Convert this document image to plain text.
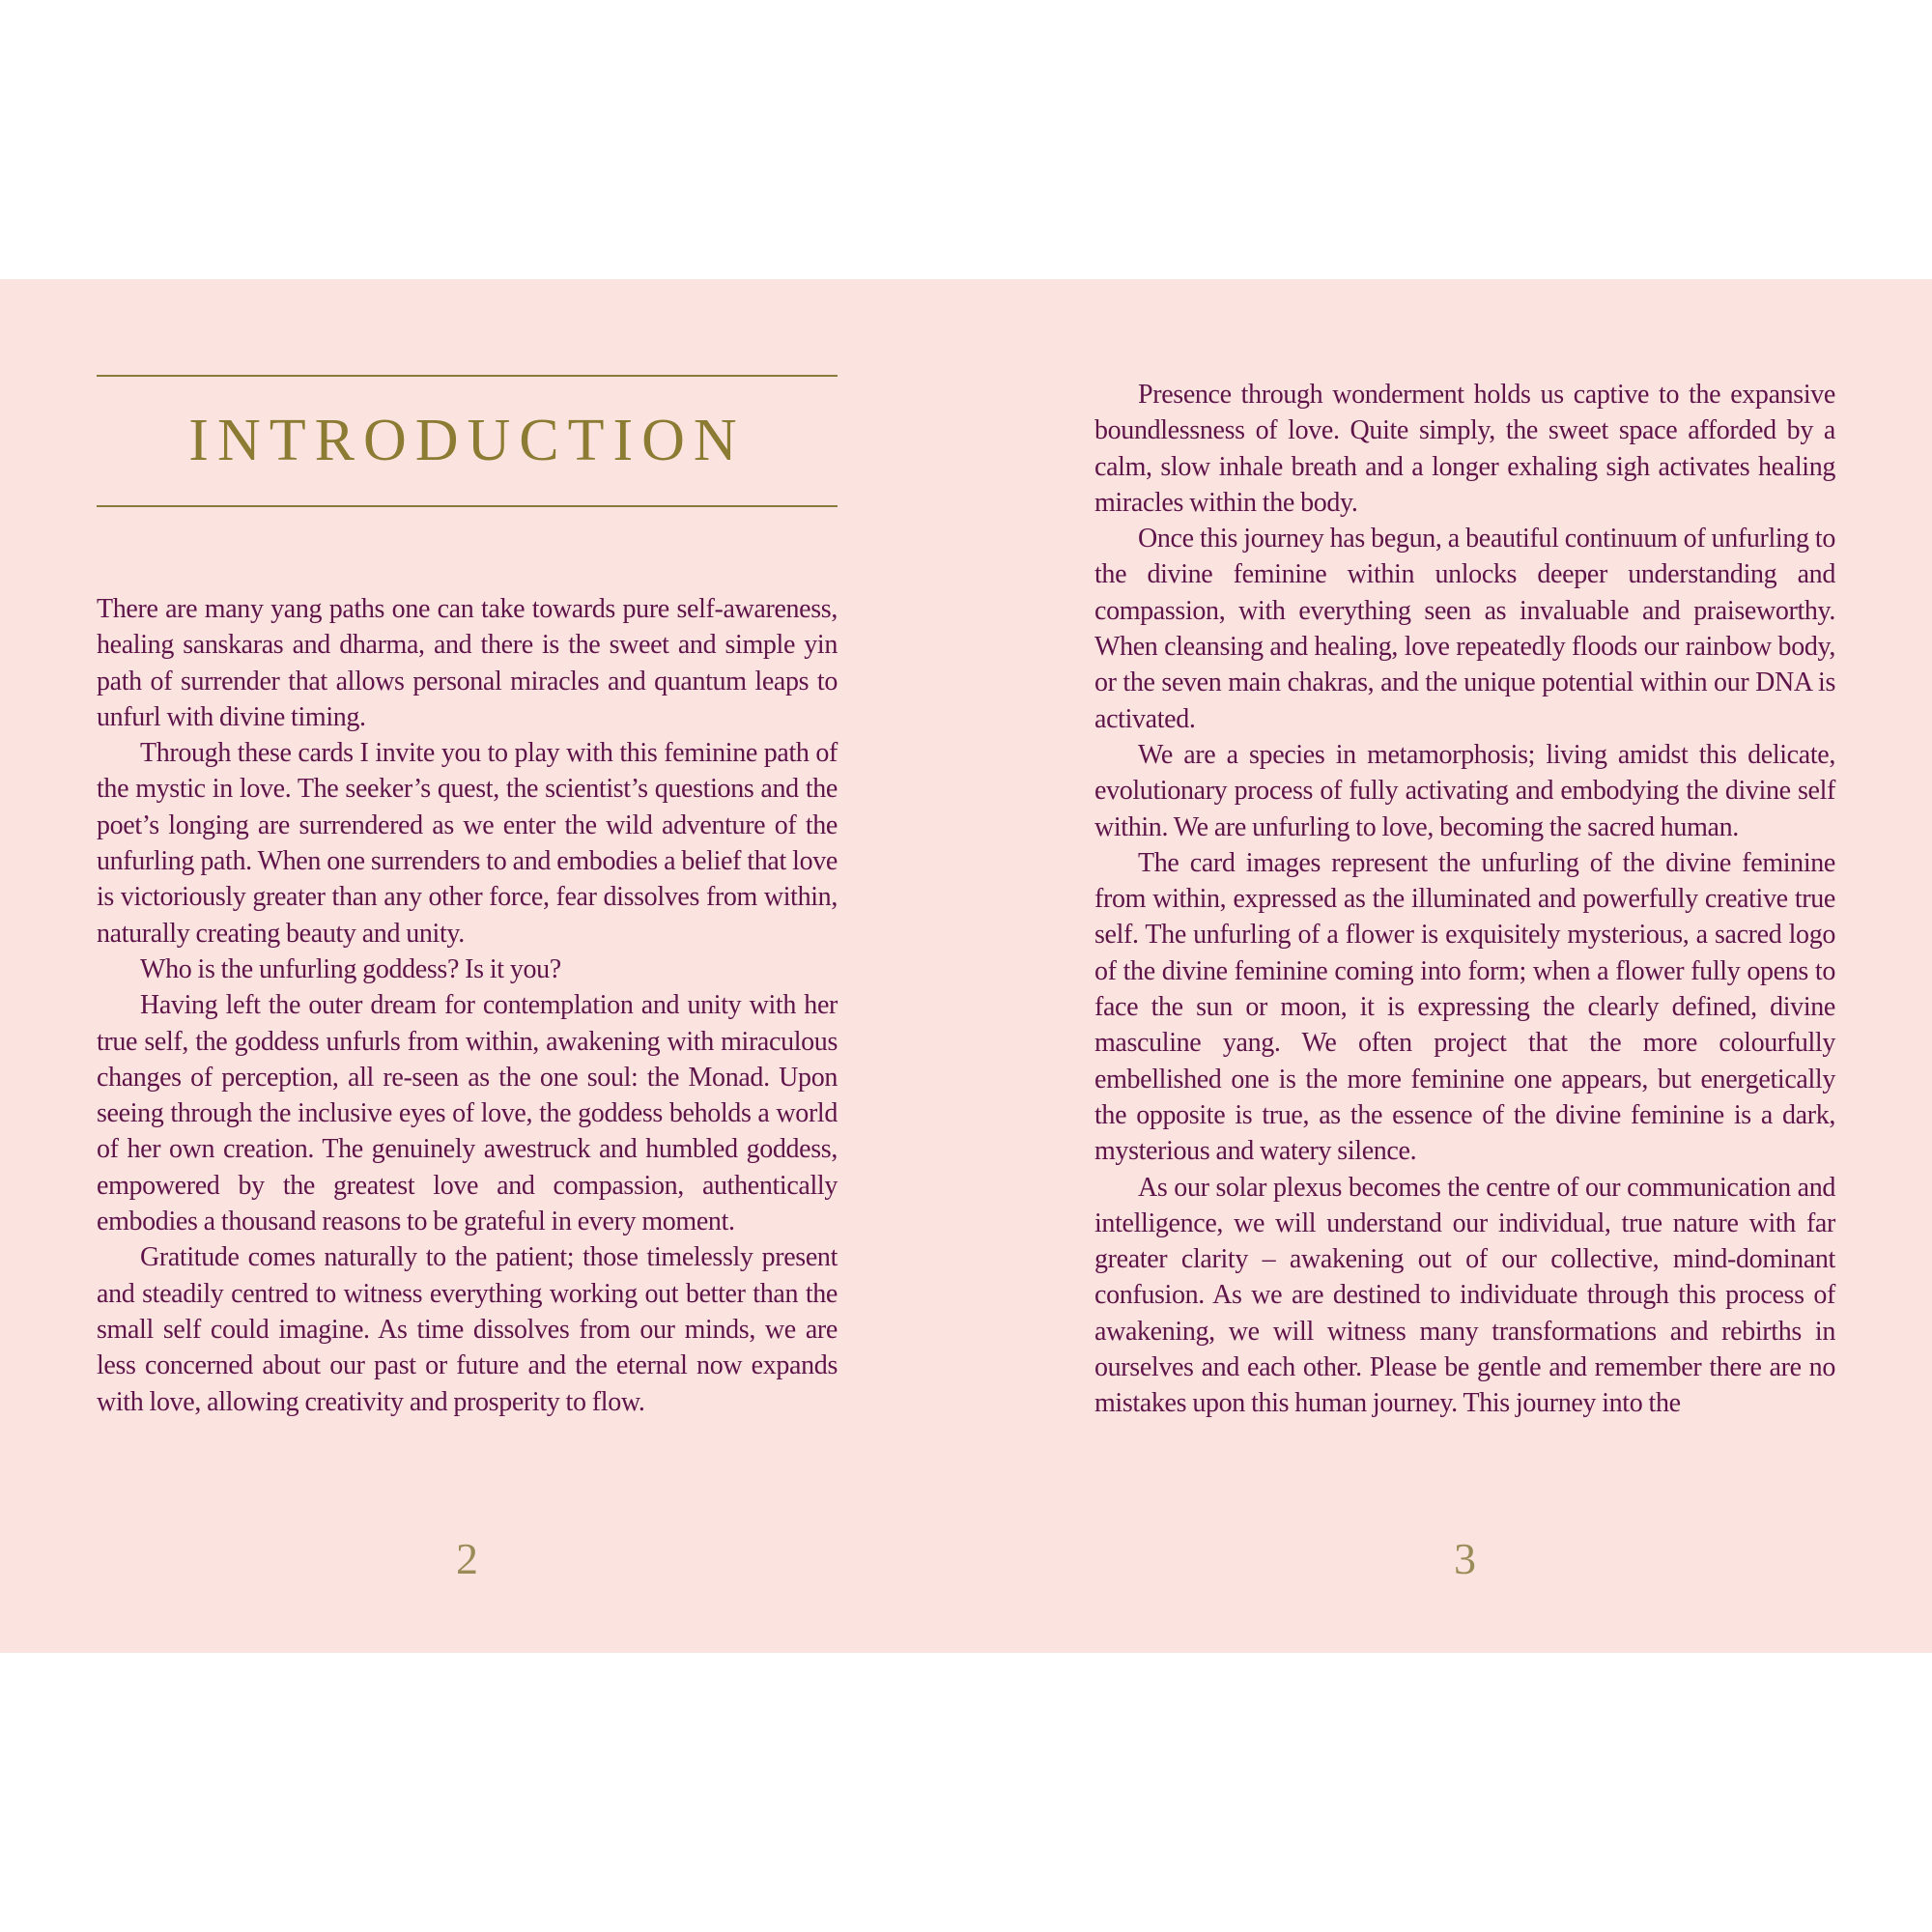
INTRODUCTION

There are many yang paths one can take towards pure self-awareness, healing sanskaras and dharma, and there is the sweet and simple yin path of surrender that allows personal miracles and quantum leaps to unfurl with divine timing.

Through these cards I invite you to play with this feminine path of the mystic in love. The seeker’s quest, the scientist’s questions and the poet’s longing are surrendered as we enter the wild adventure of the unfurling path. When one surrenders to and embodies a belief that love is victoriously greater than any other force, fear dissolves from within, naturally creating beauty and unity.

Who is the unfurling goddess? Is it you?

Having left the outer dream for contemplation and unity with her true self, the goddess unfurls from within, awakening with miraculous changes of perception, all re-seen as the one soul: the Monad. Upon seeing through the inclusive eyes of love, the goddess beholds a world of her own creation. The genuinely awestruck and humbled goddess, empowered by the greatest love and compassion, authentically embodies a thousand reasons to be grateful in every moment.

Gratitude comes naturally to the patient; those timelessly present and steadily centred to witness everything working out better than the small self could imagine. As time dissolves from our minds, we are less concerned about our past or future and the eternal now expands with love, allowing creativity and prosperity to flow.

2

Presence through wonderment holds us captive to the expansive boundlessness of love. Quite simply, the sweet space afforded by a calm, slow inhale breath and a longer exhaling sigh activates healing miracles within the body.

Once this journey has begun, a beautiful continuum of unfurling to the divine feminine within unlocks deeper understanding and compassion, with everything seen as invaluable and praiseworthy. When cleansing and healing, love repeatedly floods our rainbow body, or the seven main chakras, and the unique potential within our DNA is activated.

We are a species in metamorphosis; living amidst this delicate, evolutionary process of fully activating and embodying the divine self within. We are unfurling to love, becoming the sacred human.

The card images represent the unfurling of the divine feminine from within, expressed as the illuminated and powerfully creative true self. The unfurling of a flower is exquisitely mysterious, a sacred logo of the divine feminine coming into form; when a flower fully opens to face the sun or moon, it is expressing the clearly defined, divine masculine yang. We often project that the more colourfully embellished one is the more feminine one appears, but energetically the opposite is true, as the essence of the divine feminine is a dark, mysterious and watery silence.

As our solar plexus becomes the centre of our communication and intelligence, we will understand our individual, true nature with far greater clarity – awakening out of our collective, mind-dominant confusion. As we are destined to individuate through this process of awakening, we will witness many transformations and rebirths in ourselves and each other. Please be gentle and remember there are no mistakes upon this human journey. This journey into the

3
